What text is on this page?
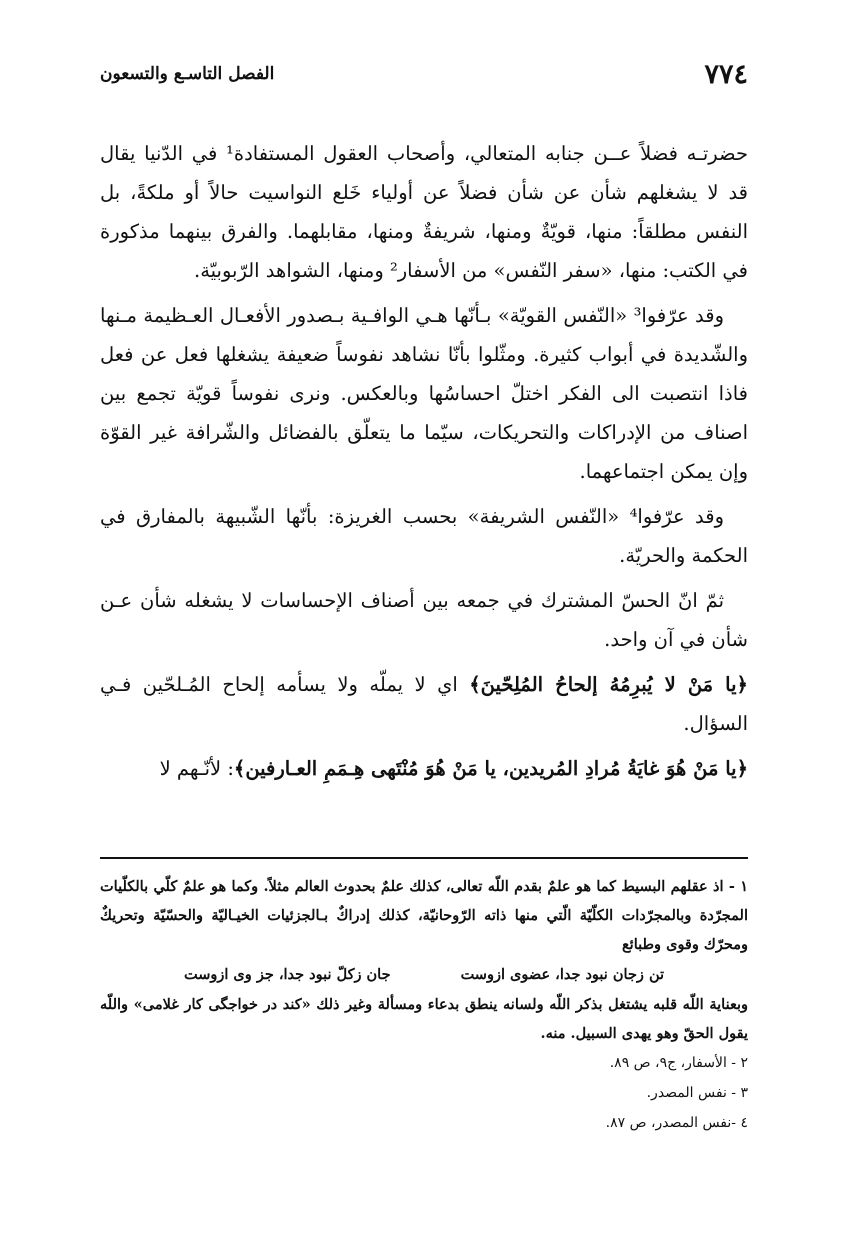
٧٧٤
الفصل التاسـع والتسعون

حضرتـه فضلاً عــن جنابه المتعالي، وأصحاب العقول المستفادة¹ في الدّنيا يقال قد لا يشغلهم شأن عن شأن فضلاً عن أولياء خَلع النواسيت حالاً أو ملكةً، بل النفس مطلقاً: منها، قويّةٌ ومنها، شريفةٌ ومنها، مقابلهما. والفرق بينهما مذكورة في الكتب: منها، «سفر النّفس» من الأسفار² ومنها، الشواهد الرّبوبيّة.

وقد عرّفوا³ «النّفس القويّة» بـأنّها هـي الوافـية بـصدور الأفعـال العـظيمة مـنها والشّديدة في أبواب كثيرة. ومثّلوا بأنّا نشاهد نفوساً ضعيفة يشغلها فعل عن فعل فاذا انتصبت الى الفكر اختلّ احساسُها وبالعكس. ونرى نفوساً قويّة تجمع بين اصناف من الإدراكات والتحريكات، سيّما ما يتعلّق بالفضائل والشّرافة غير القوّة وإن يمكن اجتماعهما.

وقد عرّفوا⁴ «النّفس الشريفة» بحسب الغريزة: بأنّها الشّبيهة بالمفارق في الحكمة والحريّة.

ثمّ انّ الحسّ المشترك في جمعه بين أصناف الإحساسات لا يشغله شأن عـن شأن في آن واحد.

﴿يا مَنْ لا يُبرِمُهُ إلحاحُ المُلِحّينَ﴾ اي لا يملّه ولا يسأمه إلحاح المُـلحّين فـي السؤال.

﴿يا مَنْ هُوَ غايَةُ مُرادِ المُريدين، يا مَنْ هُوَ مُنْتَهى هِـمَمِ العـارفين﴾: لأنّـهم لا

١ - اذ عقلهم البسيط كما هو علمٌ بقدم اللّه تعالى، كذلك علمٌ بحدوث العالم مثلاً. وكما هو علمٌ كلّي بالكلّيات المجرّدة وبالمجرّدات الكلّيّة الّتي منها ذاته الرّوحانيّة، كذلك إدراكٌ بـالجزئيات الخيـاليّة والحسّيّة وتحريكٌ ومحرّك وقوى وطبائع

تن زجان نبود جدا، عضوى ازوست
جان زكلّ نبود جدا، جز وى ازوست

وبعناية اللّه قلبه يشتغل بذكر اللّه ولسانه ينطق بدعاء ومسألة وغير ذلك «كند در خواجگى كار غلامى» واللّه يقول الحقّ وهو يهدى السبيل. منه.

٢ - الأسفار، ج٩، ص ٨٩.

٣ - نفس المصدر.

٤ -نفس المصدر، ص ٨٧.
